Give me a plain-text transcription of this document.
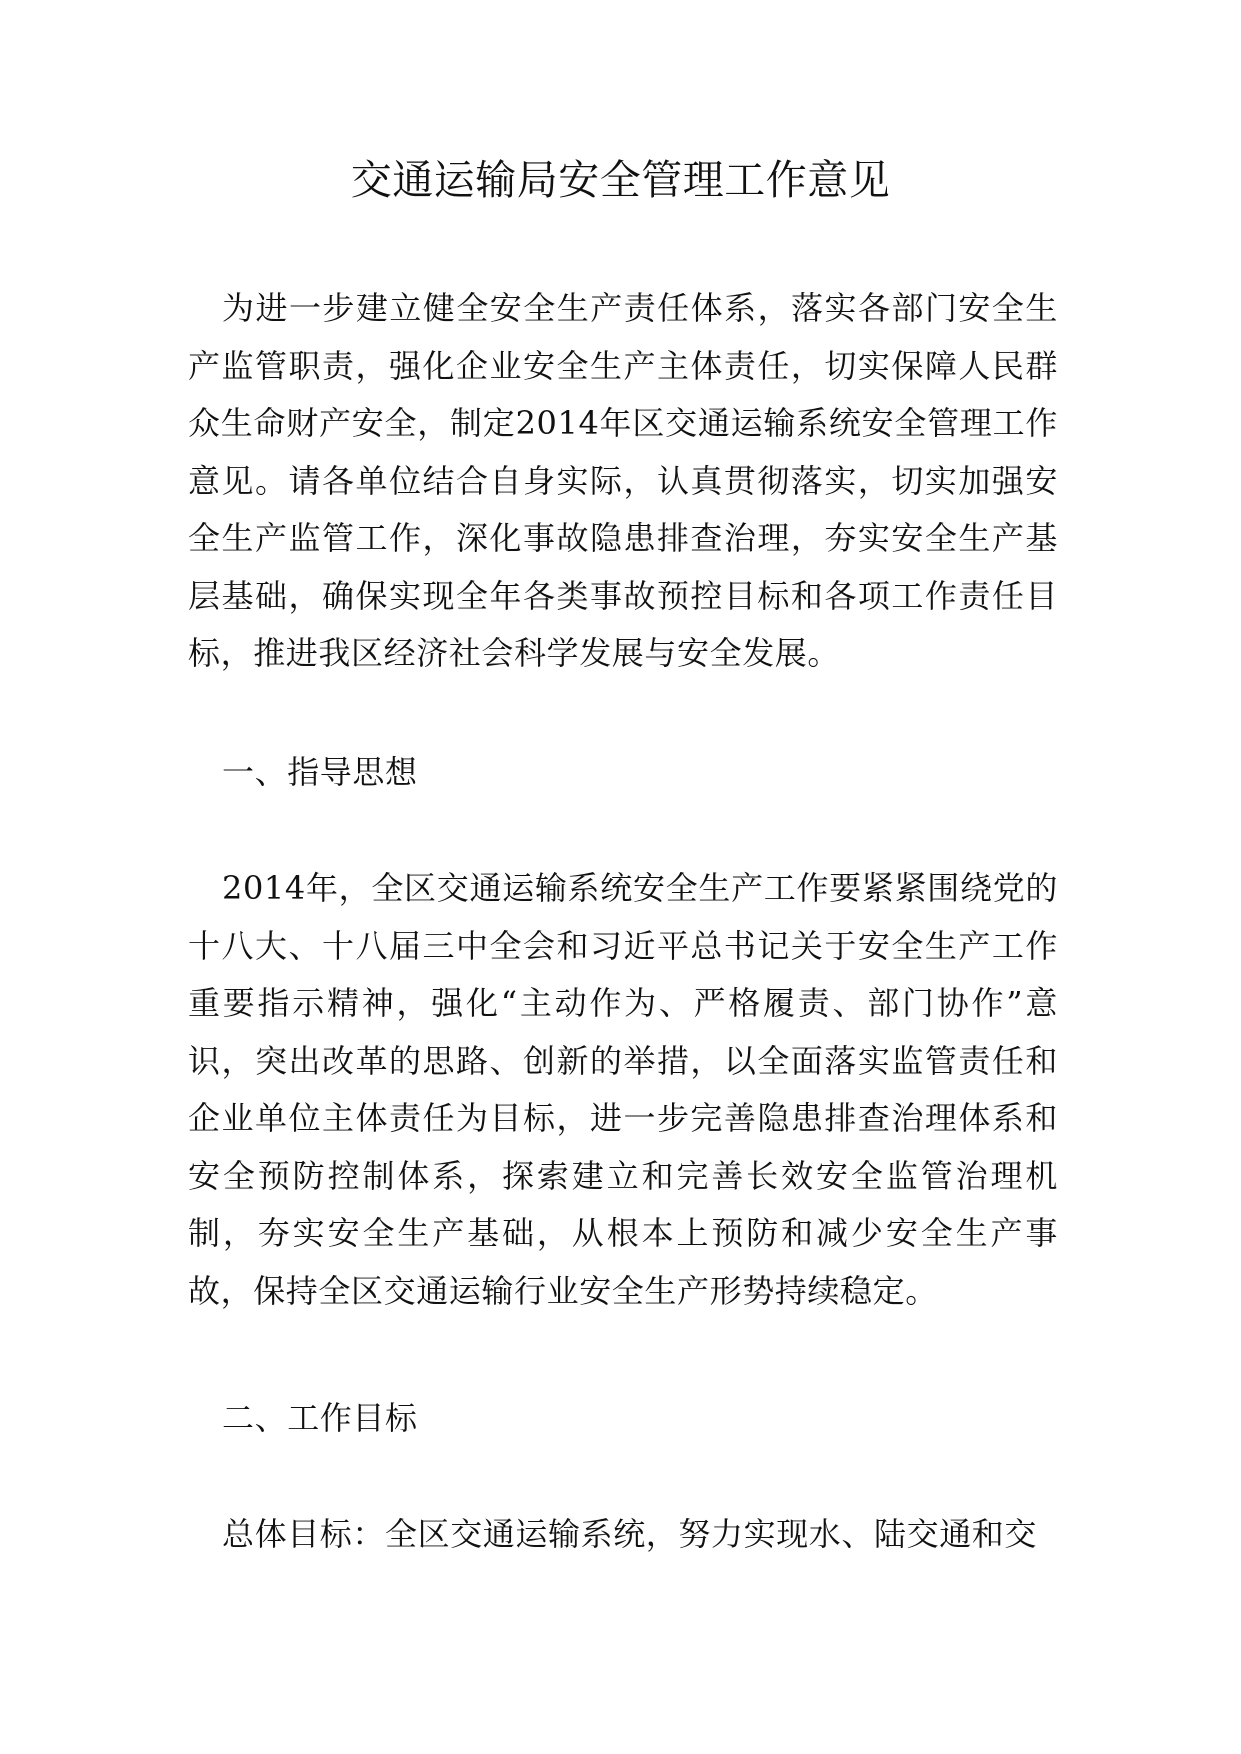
交通运输局安全管理工作意见

为进一步建立健全安全生产责任体系，落实各部门安全生产监管职责，强化企业安全生产主体责任，切实保障人民群众生命财产安全，制定2014年区交通运输系统安全管理工作意见。请各单位结合自身实际，认真贯彻落实，切实加强安全生产监管工作，深化事故隐患排查治理，夯实安全生产基层基础，确保实现全年各类事故预控目标和各项工作责任目标，推进我区经济社会科学发展与安全发展。

一、指导思想

2014年，全区交通运输系统安全生产工作要紧紧围绕党的十八大、十八届三中全会和习近平总书记关于安全生产工作重要指示精神，强化“主动作为、严格履责、部门协作”意识，突出改革的思路、创新的举措，以全面落实监管责任和企业单位主体责任为目标，进一步完善隐患排查治理体系和安全预防控制体系，探索建立和完善长效安全监管治理机制，夯实安全生产基础，从根本上预防和减少安全生产事故，保持全区交通运输行业安全生产形势持续稳定。

二、工作目标

总体目标：全区交通运输系统，努力实现水、陆交通和交
